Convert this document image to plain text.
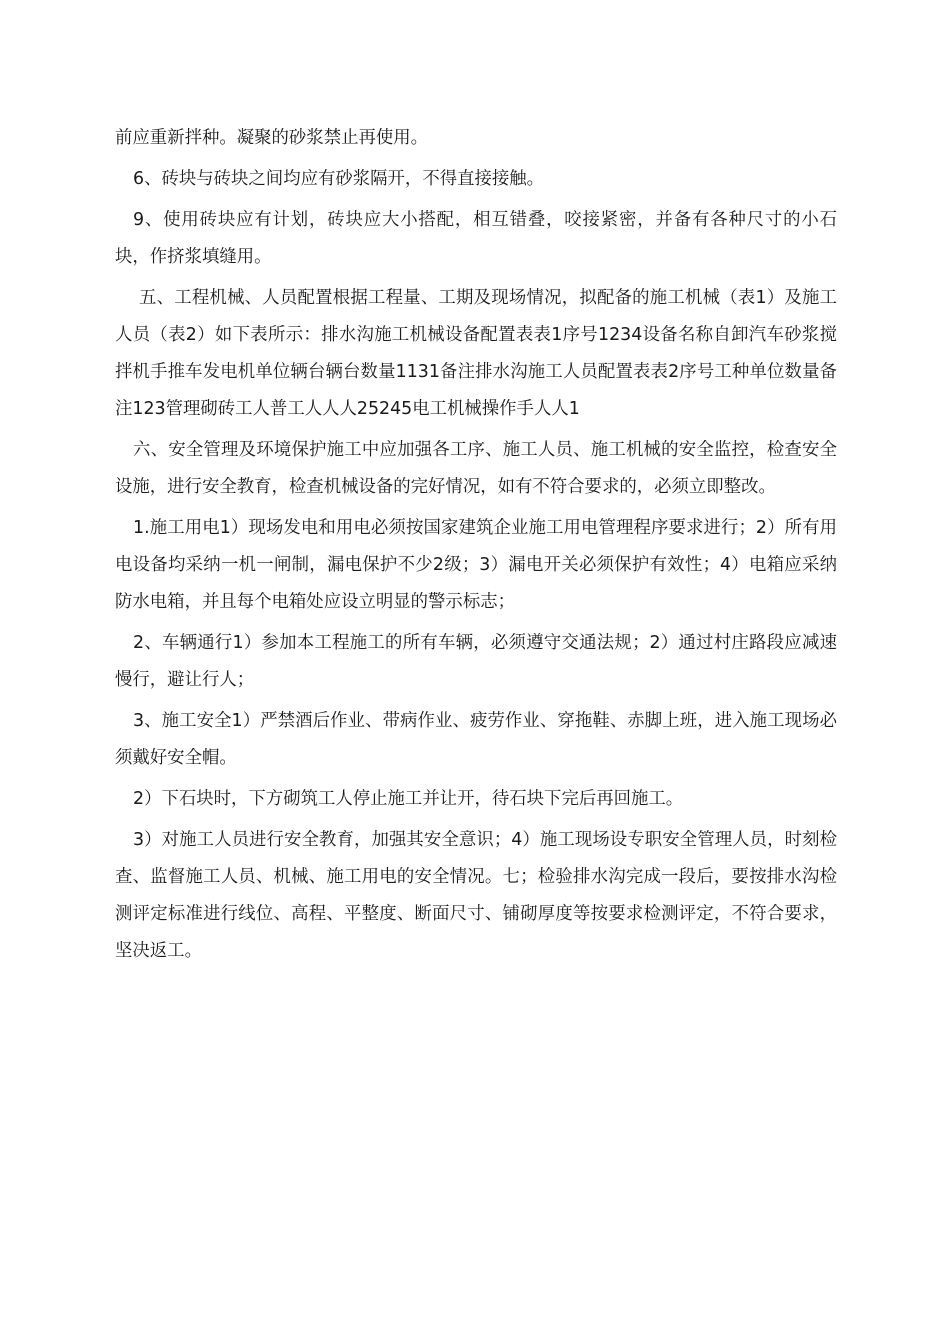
前应重新拌种。凝聚的砂浆禁止再使用。

6、砖块与砖块之间均应有砂浆隔开，不得直接接触。

9、使用砖块应有计划，砖块应大小搭配，相互错叠，咬接紧密，并备有各种尺寸的小石块，作挤浆填缝用。

五、工程机械、人员配置根据工程量、工期及现场情况，拟配备的施工机械（表1）及施工人员（表2）如下表所示：排水沟施工机械设备配置表表1序号1234设备名称自卸汽车砂浆搅拌机手推车发电机单位辆台辆台数量1131备注排水沟施工人员配置表表2序号工种单位数量备注123管理砌砖工人普工人人人25245电工机械操作手人人1

六、安全管理及环境保护施工中应加强各工序、施工人员、施工机械的安全监控，检查安全设施，进行安全教育，检查机械设备的完好情况，如有不符合要求的，必须立即整改。

1.施工用电1）现场发电和用电必须按国家建筑企业施工用电管理程序要求进行；2）所有用电设备均采纳一机一闸制，漏电保护不少2级；3）漏电开关必须保护有效性；4）电箱应采纳防水电箱，并且每个电箱处应设立明显的警示标志；

2、车辆通行1）参加本工程施工的所有车辆，必须遵守交通法规；2）通过村庄路段应减速慢行，避让行人；

3、施工安全1）严禁酒后作业、带病作业、疲劳作业、穿拖鞋、赤脚上班，进入施工现场必须戴好安全帽。

2）下石块时，下方砌筑工人停止施工并让开，待石块下完后再回施工。

3）对施工人员进行安全教育，加强其安全意识；4）施工现场设专职安全管理人员，时刻检查、监督施工人员、机械、施工用电的安全情况。七；检验排水沟完成一段后，要按排水沟检测评定标准进行线位、高程、平整度、断面尺寸、铺砌厚度等按要求检测评定，不符合要求，坚决返工。
